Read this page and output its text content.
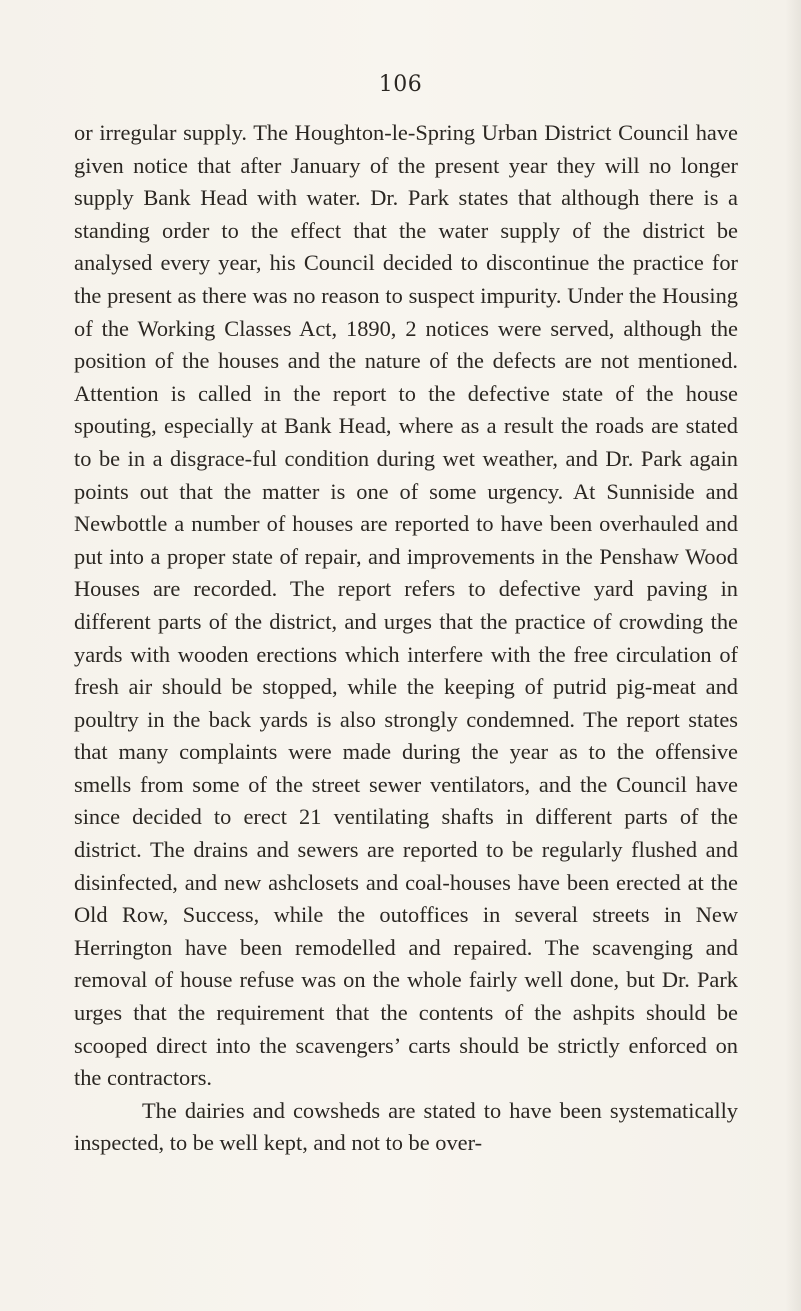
106

or irregular supply. The Houghton-le-Spring Urban District Council have given notice that after January of the present year they will no longer supply Bank Head with water. Dr. Park states that although there is a standing order to the effect that the water supply of the district be analysed every year, his Council decided to discontinue the practice for the present as there was no reason to suspect impurity. Under the Housing of the Working Classes Act, 1890, 2 notices were served, although the position of the houses and the nature of the defects are not mentioned. Attention is called in the report to the defective state of the house spouting, especially at Bank Head, where as a result the roads are stated to be in a disgrace-ful condition during wet weather, and Dr. Park again points out that the matter is one of some urgency. At Sunniside and Newbottle a number of houses are reported to have been overhauled and put into a proper state of repair, and improvements in the Penshaw Wood Houses are recorded. The report refers to defective yard paving in different parts of the district, and urges that the practice of crowding the yards with wooden erections which interfere with the free circulation of fresh air should be stopped, while the keeping of putrid pig-meat and poultry in the back yards is also strongly condemned. The report states that many complaints were made during the year as to the offensive smells from some of the street sewer ventilators, and the Council have since decided to erect 21 ventilating shafts in different parts of the district. The drains and sewers are reported to be regularly flushed and disinfected, and new ashclosets and coal-houses have been erected at the Old Row, Success, while the outoffices in several streets in New Herrington have been remodelled and repaired. The scavenging and removal of house refuse was on the whole fairly well done, but Dr. Park urges that the requirement that the contents of the ashpits should be scooped direct into the scavengers’ carts should be strictly enforced on the contractors.

The dairies and cowsheds are stated to have been systematically inspected, to be well kept, and not to be over-
